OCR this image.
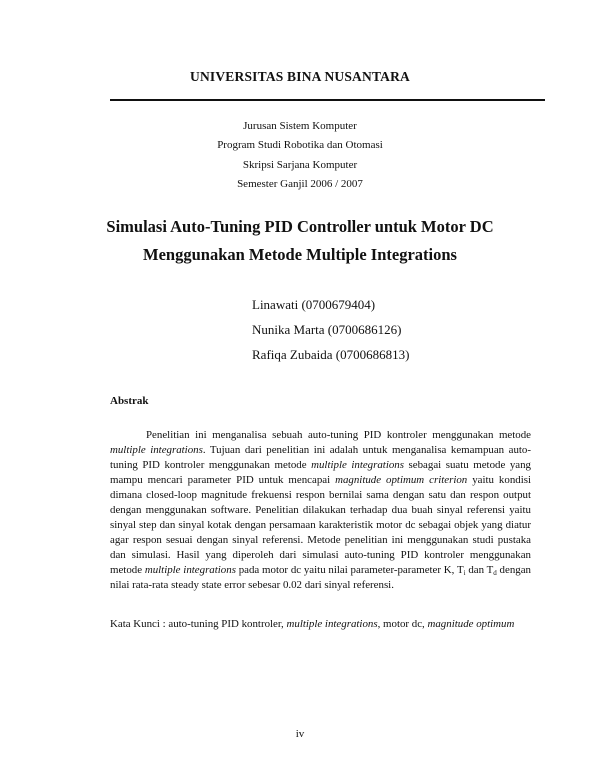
UNIVERSITAS BINA NUSANTARA
Jurusan Sistem Komputer
Program Studi Robotika dan Otomasi
Skripsi Sarjana Komputer
Semester Ganjil 2006 / 2007
Simulasi Auto-Tuning PID Controller untuk Motor DC
Menggunakan Metode Multiple Integrations
Linawati (0700679404)
Nunika Marta (0700686126)
Rafiqa Zubaida (0700686813)
Abstrak
Penelitian ini menganalisa sebuah auto-tuning PID kontroler menggunakan metode multiple integrations. Tujuan dari penelitian ini adalah untuk menganalisa kemampuan auto-tuning PID kontroler menggunakan metode multiple integrations sebagai suatu metode yang mampu mencari parameter PID untuk mencapai magnitude optimum criterion yaitu kondisi dimana closed-loop magnitude frekuensi respon bernilai sama dengan satu dan respon output dengan menggunakan software. Penelitian dilakukan terhadap dua buah sinyal referensi yaitu sinyal step dan sinyal kotak dengan persamaan karakteristik motor dc sebagai objek yang diatur agar respon sesuai dengan sinyal referensi. Metode penelitian ini menggunakan studi pustaka dan simulasi. Hasil yang diperoleh dari simulasi auto-tuning PID kontroler menggunakan metode multiple integrations pada motor dc yaitu nilai parameter-parameter K, $T_i$ dan $T_d$ dengan nilai rata-rata steady state error sebesar 0.02 dari sinyal referensi.
Kata Kunci : auto-tuning PID kontroler, multiple integrations, motor dc, magnitude optimum
iv
